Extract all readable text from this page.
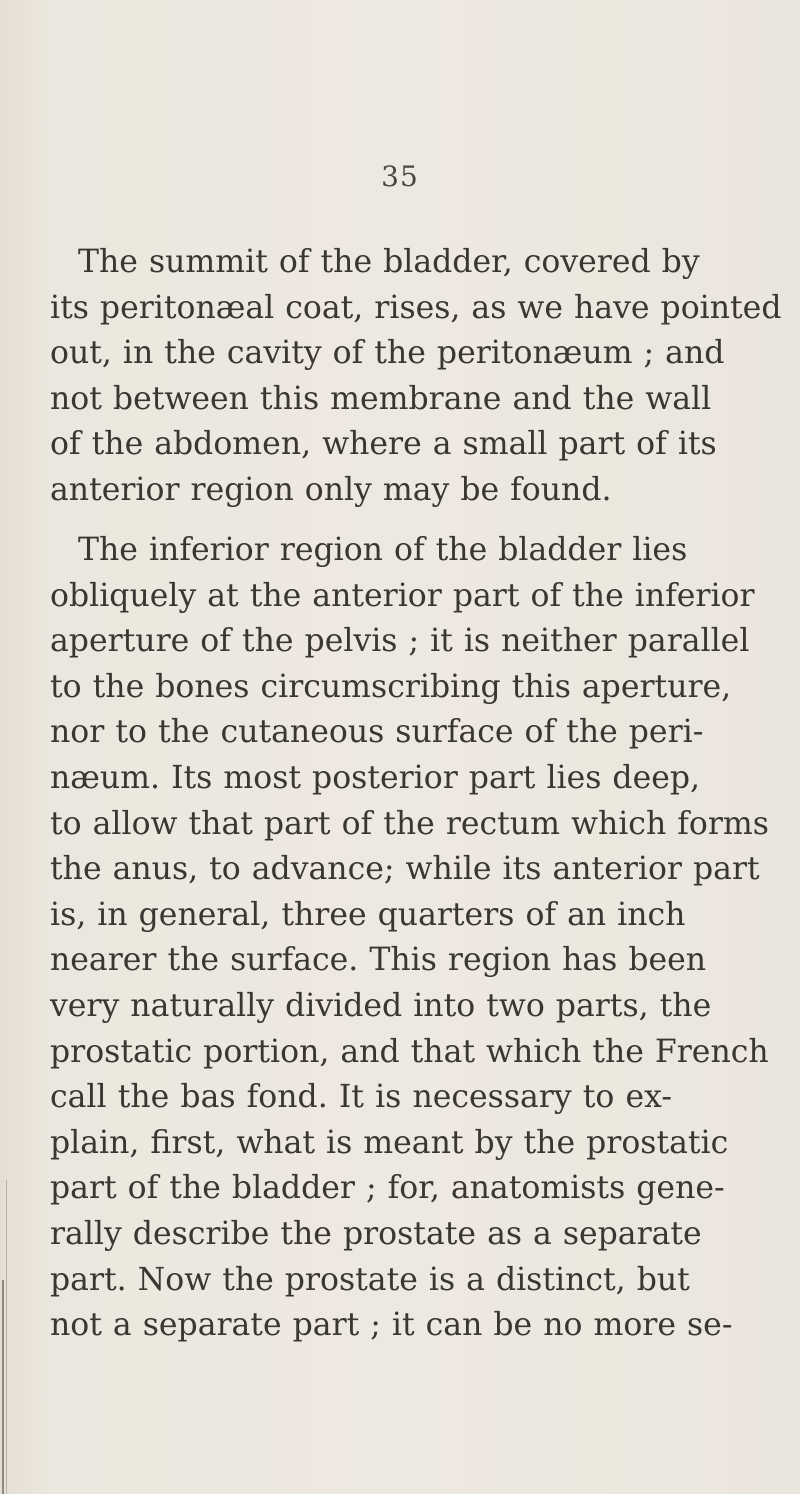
35
The summit of the bladder, covered by
its peritonæal coat, rises, as we have pointed
out, in the cavity of the peritonæum ; and
not between this membrane and the wall
of the abdomen, where a small part of its
anterior region only may be found.
The inferior region of the bladder lies
obliquely at the anterior part of the inferior
aperture of the pelvis ; it is neither parallel
to the bones circumscribing this aperture,
nor to the cutaneous surface of the peri-
næum. Its most posterior part lies deep,
to allow that part of the rectum which forms
the anus, to advance; while its anterior part
is, in general, three quarters of an inch
nearer the surface. This region has been
very naturally divided into two parts, the
prostatic portion, and that which the French
call the bas fond. It is necessary to ex-
plain, first, what is meant by the prostatic
part of the bladder ; for, anatomists gene-
rally describe the prostate as a separate
part. Now the prostate is a distinct, but
not a separate part ; it can be no more se-
